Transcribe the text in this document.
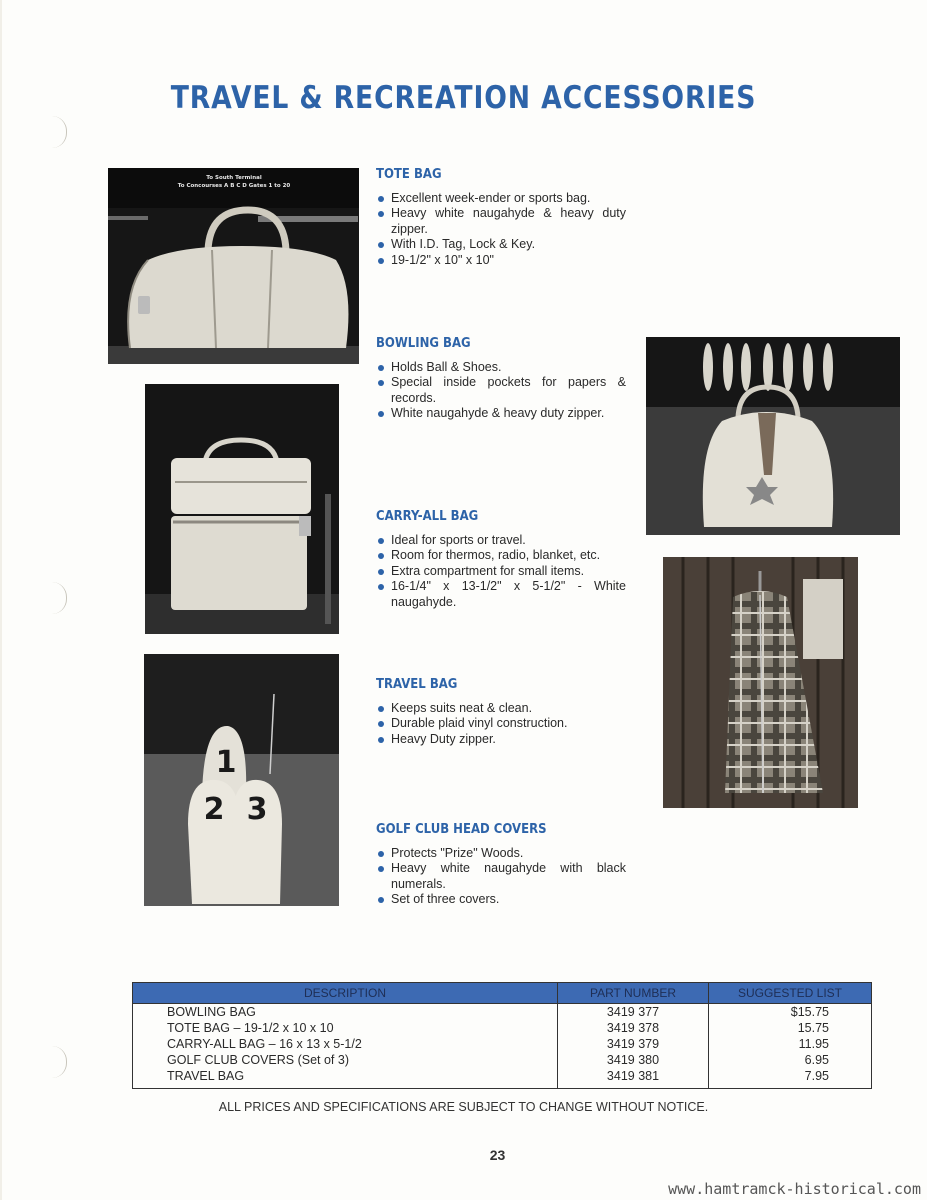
TRAVEL & RECREATION ACCESSORIES
To South Terminal
To Concourses A B C D Gates 1 to 20
1
2 3
TOTE BAG
Excellent week-ender or sports bag.
Heavy white naugahyde & heavy duty zipper.
With I.D. Tag, Lock & Key.
19-1/2" x 10" x 10"
BOWLING BAG
Holds Ball & Shoes.
Special inside pockets for papers & records.
White naugahyde & heavy duty zipper.
CARRY-ALL BAG
Ideal for sports or travel.
Room for thermos, radio, blanket, etc.
Extra compartment for small items.
16-1/4" x 13-1/2" x 5-1/2" - White naugahyde.
TRAVEL BAG
Keeps suits neat & clean.
Durable plaid vinyl construction.
Heavy Duty zipper.
GOLF CLUB HEAD COVERS
Protects "Prize" Woods.
Heavy white naugahyde with black numerals.
Set of three covers.
DESCRIPTION	PART NUMBER	SUGGESTED LIST
BOWLING BAG	3419 377	$15.75
TOTE BAG – 19-1/2 x 10 x 10	3419 378	15.75
CARRY-ALL BAG – 16 x 13 x 5-1/2	3419 379	11.95
GOLF CLUB COVERS (Set of 3)	3419 380	6.95
TRAVEL BAG	3419 381	7.95
ALL PRICES AND SPECIFICATIONS ARE SUBJECT TO CHANGE WITHOUT NOTICE.
23
www.hamtramck-historical.com
